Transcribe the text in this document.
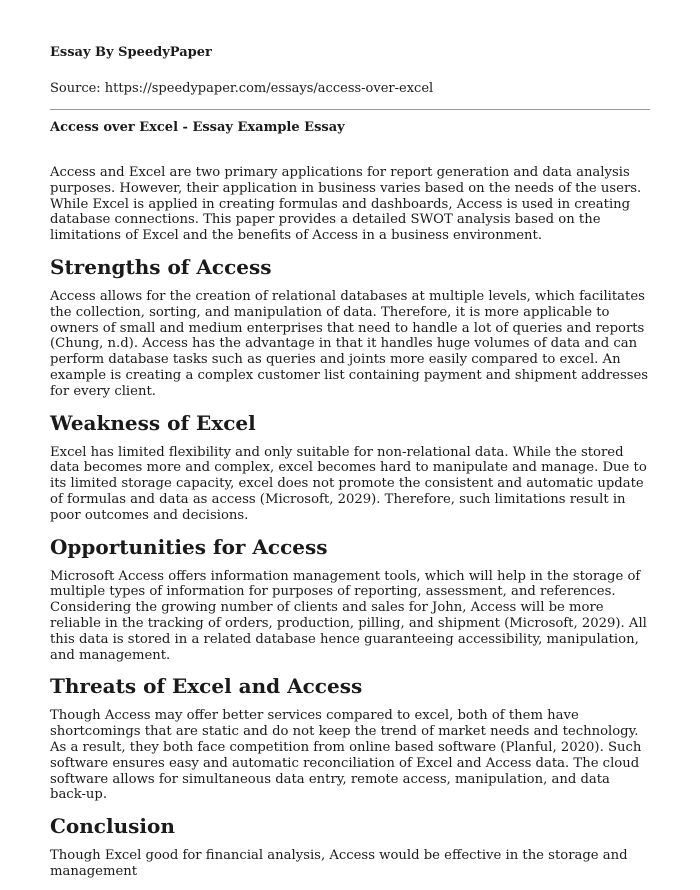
Essay By SpeedyPaper

Source: https://speedypaper.com/essays/access-over-excel

Access over Excel - Essay Example Essay

Access and Excel are two primary applications for report generation and data analysis purposes. However, their application in business varies based on the needs of the users. While Excel is applied in creating formulas and dashboards, Access is used in creating database connections. This paper provides a detailed SWOT analysis based on the limitations of Excel and the benefits of Access in a business environment.

Strengths of Access

Access allows for the creation of relational databases at multiple levels, which facilitates the collection, sorting, and manipulation of data. Therefore, it is more applicable to owners of small and medium enterprises that need to handle a lot of queries and reports (Chung, n.d). Access has the advantage in that it handles huge volumes of data and can perform database tasks such as queries and joints more easily compared to excel. An example is creating a complex customer list containing payment and shipment addresses for every client.

Weakness of Excel

Excel has limited flexibility and only suitable for non-relational data. While the stored data becomes more and complex, excel becomes hard to manipulate and manage. Due to its limited storage capacity, excel does not promote the consistent and automatic update of formulas and data as access (Microsoft, 2029). Therefore, such limitations result in poor outcomes and decisions.

Opportunities for Access

Microsoft Access offers information management tools, which will help in the storage of multiple types of information for purposes of reporting, assessment, and references. Considering the growing number of clients and sales for John, Access will be more reliable in the tracking of orders, production, pilling, and shipment (Microsoft, 2029). All this data is stored in a related database hence guaranteeing accessibility, manipulation, and management.

Threats of Excel and Access

Though Access may offer better services compared to excel, both of them have shortcomings that are static and do not keep the trend of market needs and technology. As a result, they both face competition from online based software (Planful, 2020). Such software ensures easy and automatic reconciliation of Excel and Access data. The cloud software allows for simultaneous data entry, remote access, manipulation, and data back-up.

Conclusion

Though Excel good for financial analysis, Access would be effective in the storage and management
